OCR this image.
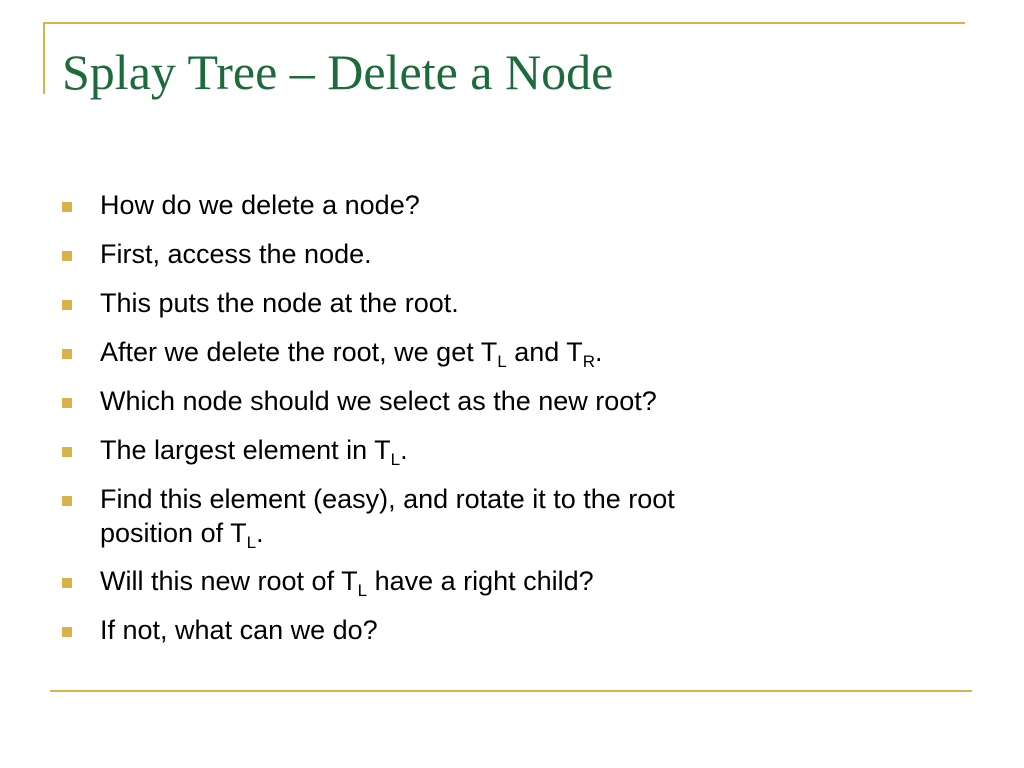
Splay Tree – Delete a Node
How do we delete a node?
First, access the node.
This puts the node at the root.
After we delete the root, we get $T_L$ and $T_R$.
Which node should we select as the new root?
The largest element in $T_L$.
Find this element (easy), and rotate it to the root
position of $T_L$.
Will this new root of $T_L$ have a right child?
If not, what can we do?
